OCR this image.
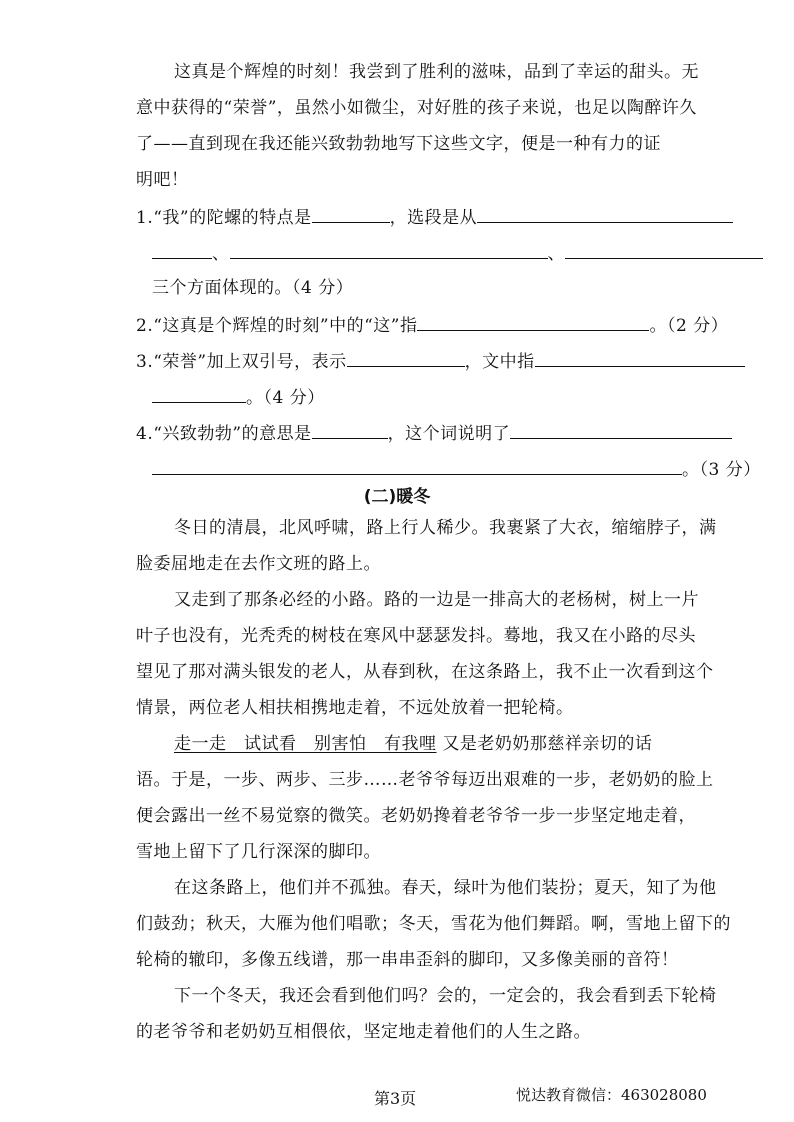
这真是个辉煌的时刻！我尝到了胜利的滋味，品到了幸运的甜头。无
意中获得的“荣誉”，虽然小如微尘，对好胜的孩子来说，也足以陶醉许久
了——直到现在我还能兴致勃勃地写下这些文字，便是一种有力的证
明吧！
1.“我”的陀螺的特点是	，选段是从
、	、
三个方面体现的。（4 分）
2.“这真是个辉煌的时刻”中的“这”指	。（2 分）
3.“荣誉”加上双引号，表示	，文中指
。（4 分）
4.“兴致勃勃”的意思是	，这个词说明了
。（3 分）
(二)暖冬
冬日的清晨，北风呼啸，路上行人稀少。我裹紧了大衣，缩缩脖子，满
脸委屈地走在去作文班的路上。
又走到了那条必经的小路。路的一边是一排高大的老杨树，树上一片
叶子也没有，光秃秃的树枝在寒风中瑟瑟发抖。蓦地，我又在小路的尽头
望见了那对满头银发的老人，从春到秋，在这条路上，我不止一次看到这个
情景，两位老人相扶相携地走着，不远处放着一把轮椅。
走一走　试试看　别害怕　有我哩 又是老奶奶那慈祥亲切的话
语。于是，一步、两步、三步……老爷爷每迈出艰难的一步，老奶奶的脸上
便会露出一丝不易觉察的微笑。老奶奶搀着老爷爷一步一步坚定地走着，
雪地上留下了几行深深的脚印。
在这条路上，他们并不孤独。春天，绿叶为他们装扮；夏天，知了为他
们鼓劲；秋天，大雁为他们唱歌；冬天，雪花为他们舞蹈。啊，雪地上留下的
轮椅的辙印，多像五线谱，那一串串歪斜的脚印，又多像美丽的音符！
下一个冬天，我还会看到他们吗？会的，一定会的，我会看到丢下轮椅
的老爷爷和老奶奶互相偎依，坚定地走着他们的人生之路。
第3页	悦达教育微信：463028080
